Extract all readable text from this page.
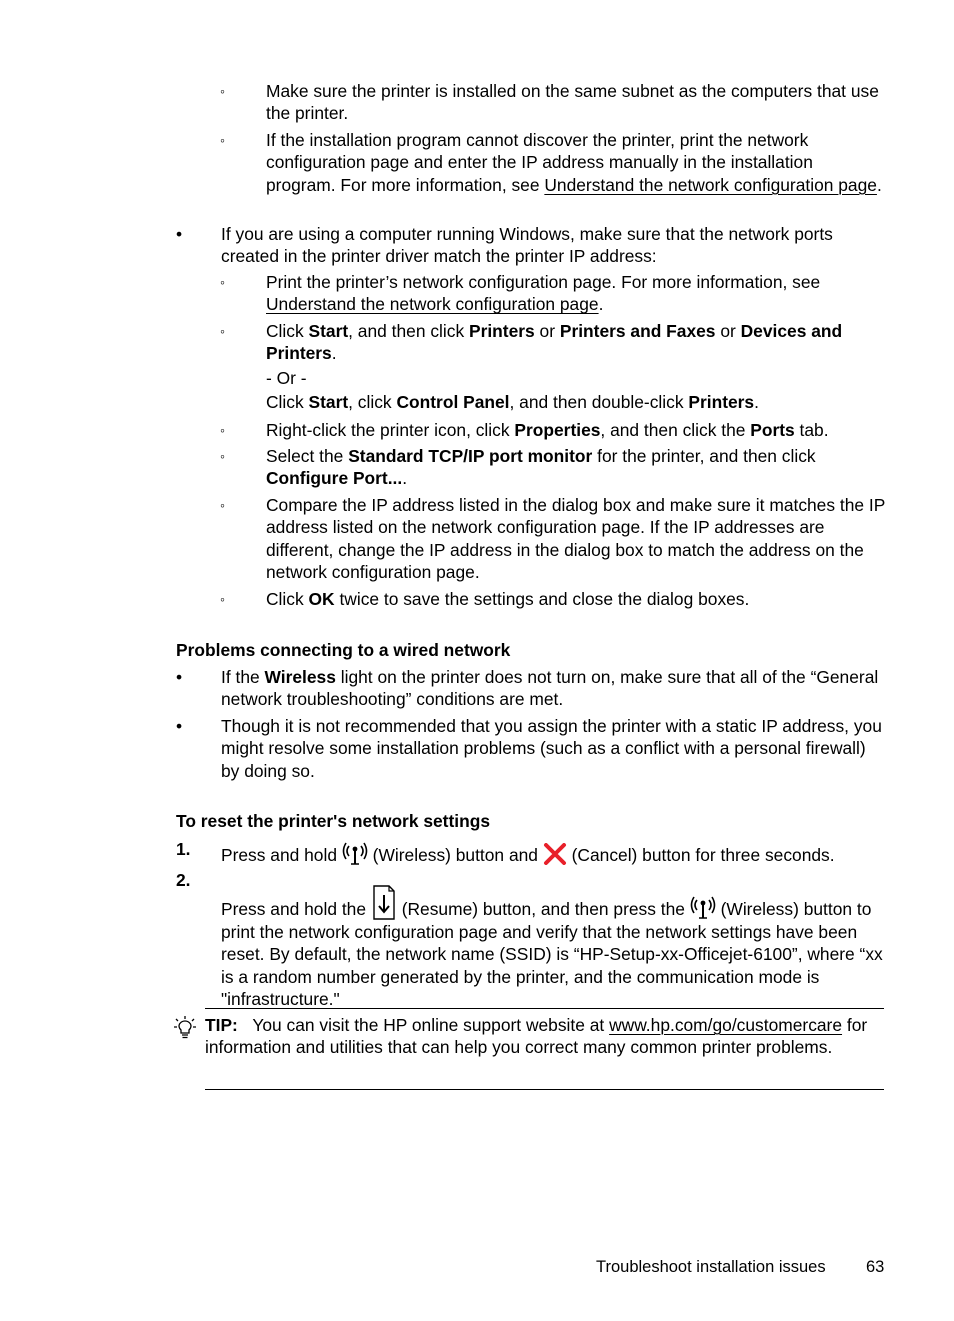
◦ Make sure the printer is installed on the same subnet as the computers that use the printer.
◦ If the installation program cannot discover the printer, print the network configuration page and enter the IP address manually in the installation program. For more information, see Understand the network configuration page.
• If you are using a computer running Windows, make sure that the network ports created in the printer driver match the printer IP address:
◦ Print the printer’s network configuration page. For more information, see Understand the network configuration page.
◦ Click Start, and then click Printers or Printers and Faxes or Devices and Printers.
- Or -
Click Start, click Control Panel, and then double-click Printers.
◦ Right-click the printer icon, click Properties, and then click the Ports tab.
◦ Select the Standard TCP/IP port monitor for the printer, and then click Configure Port....
◦ Compare the IP address listed in the dialog box and make sure it matches the IP address listed on the network configuration page. If the IP addresses are different, change the IP address in the dialog box to match the address on the network configuration page.
◦ Click OK twice to save the settings and close the dialog boxes.
Problems connecting to a wired network
• If the Wireless light on the printer does not turn on, make sure that all of the “General network troubleshooting” conditions are met.
• Though it is not recommended that you assign the printer with a static IP address, you might resolve some installation problems (such as a conflict with a personal firewall) by doing so.
To reset the printer's network settings
1. Press and hold  (Wireless) button and  (Cancel) button for three seconds.
2.
Press and hold the  (Resume) button, and then press the  (Wireless) button to print the network configuration page and verify that the network settings have been reset. By default, the network name (SSID) is “HP-Setup-xx-Officejet-6100”, where “xx is a random number generated by the printer, and the communication mode is "infrastructure."
TIP: You can visit the HP online support website at www.hp.com/go/customercare for information and utilities that can help you correct many common printer problems.
Troubleshoot installation issues 63
